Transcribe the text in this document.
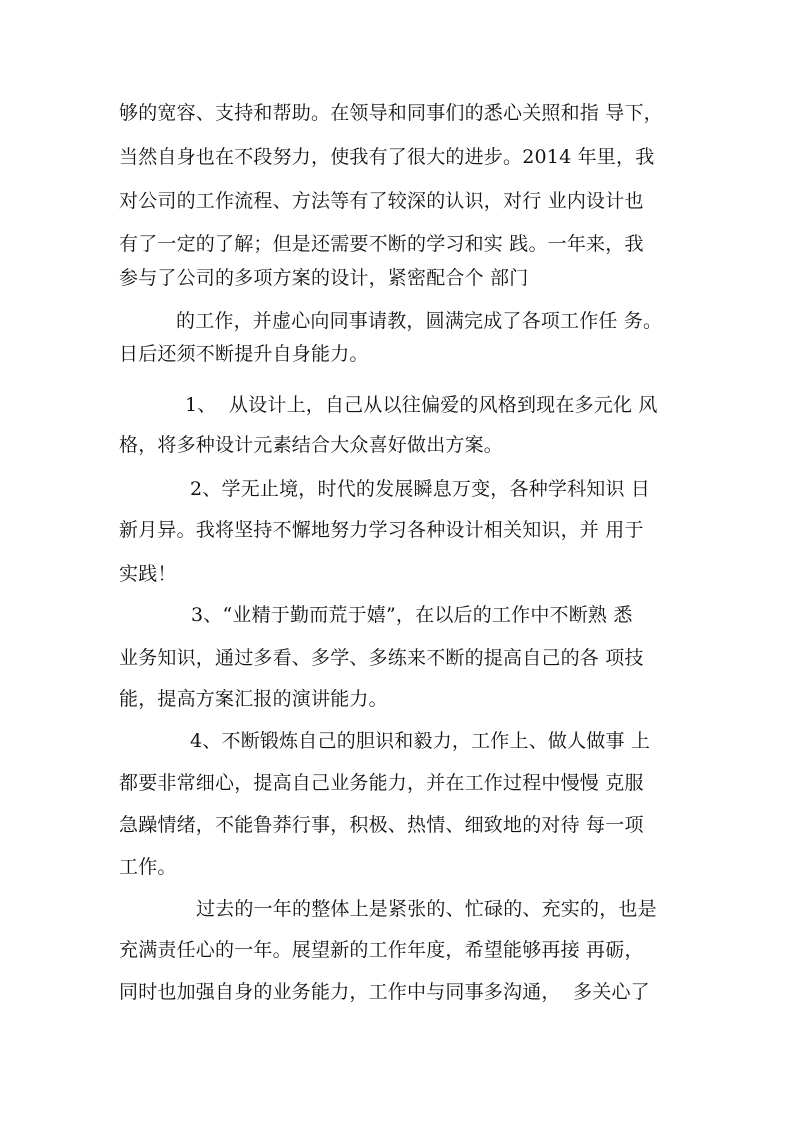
够的宽容、支持和帮助。在领导和同事们的悉心关照和指 导下，
当然自身也在不段努力，使我有了很大的进步。2014 年里，我
对公司的工作流程、方法等有了较深的认识，对行 业内设计也
有了一定的了解；但是还需要不断的学习和实 践。一年来，我
参与了公司的多项方案的设计，紧密配合个 部门
的工作，并虚心向同事请教，圆满完成了各项工作任 务。
日后还须不断提升自身能力。
1、  从设计上，自己从以往偏爱的风格到现在多元化 风
格，将多种设计元素结合大众喜好做出方案。
2、学无止境，时代的发展瞬息万变，各种学科知识 日
新月异。我将坚持不懈地努力学习各种设计相关知识，并 用于
实践！
3、“业精于勤而荒于嬉”，在以后的工作中不断熟 悉
业务知识，通过多看、多学、多练来不断的提高自己的各 项技
能，提高方案汇报的演讲能力。
4、不断锻炼自己的胆识和毅力，工作上、做人做事 上
都要非常细心，提高自己业务能力，并在工作过程中慢慢 克服
急躁情绪，不能鲁莽行事，积极、热情、细致地的对待 每一项
工作。
过去的一年的整体上是紧张的、忙碌的、充实的，也是
充满责任心的一年。展望新的工作年度，希望能够再接 再砺，
同时也加强自身的业务能力，工作中与同事多沟通，  多关心了
